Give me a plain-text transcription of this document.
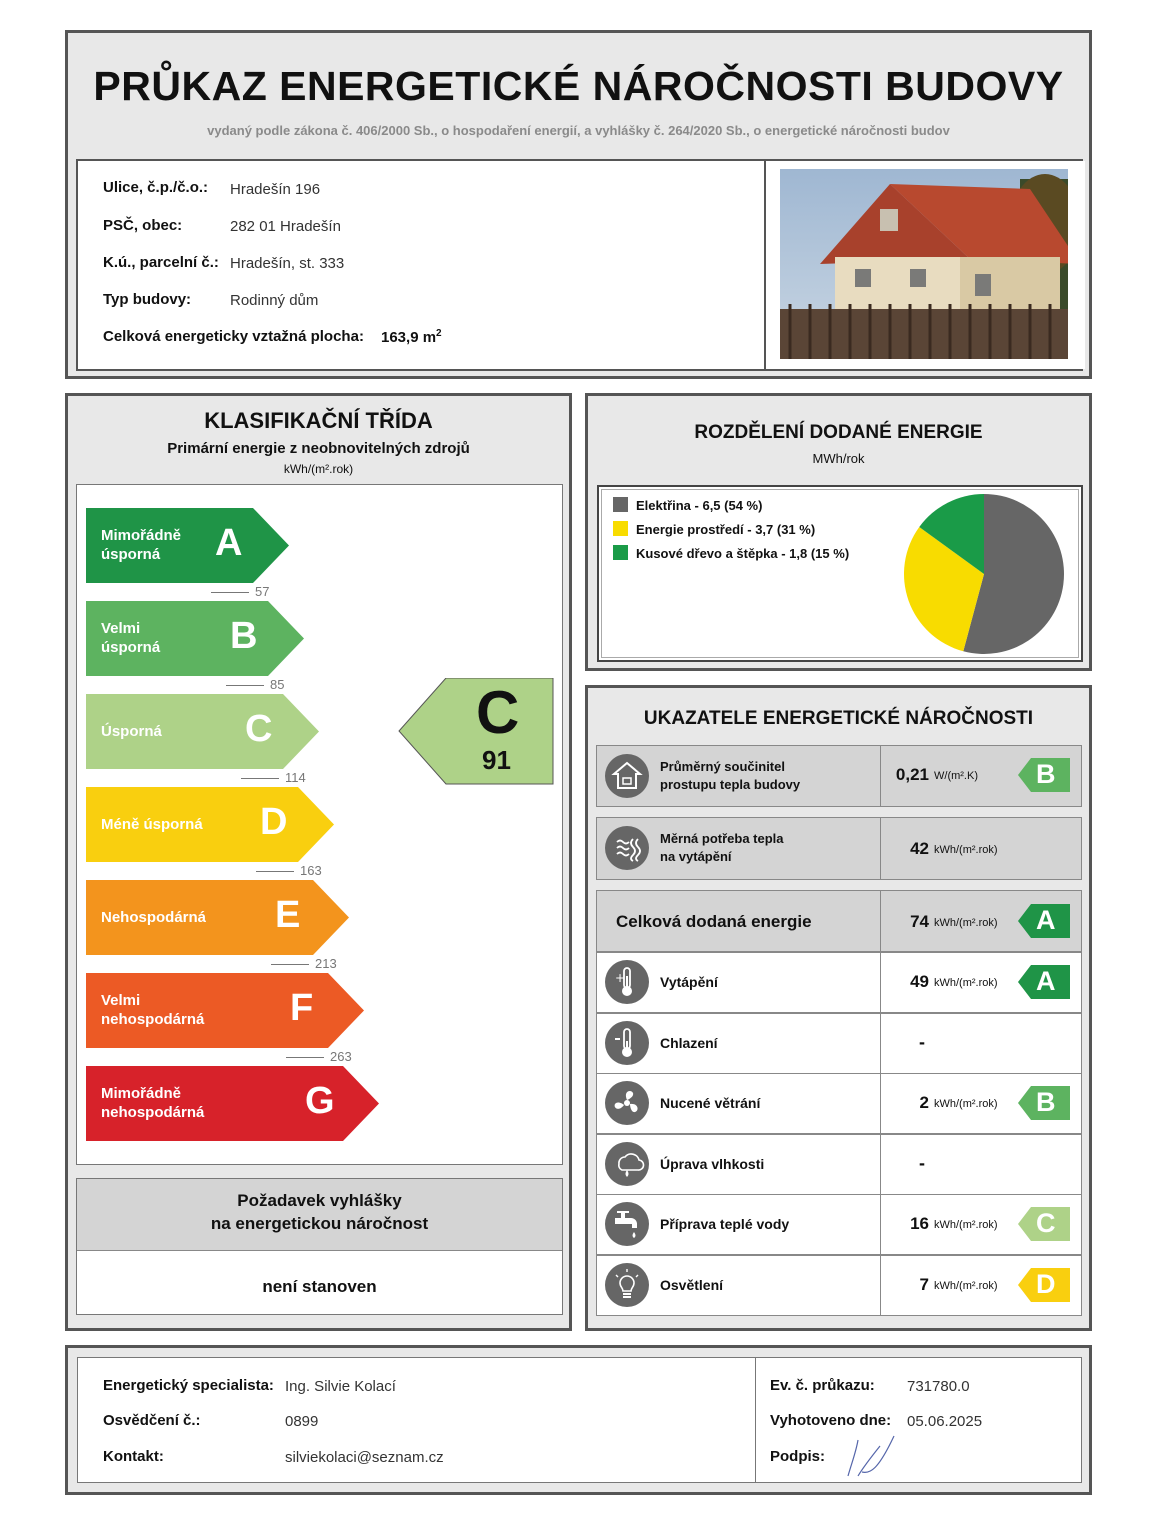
PRŮKAZ ENERGETICKÉ NÁROČNOSTI BUDOVY
vydaný podle zákona č. 406/2000 Sb., o hospodaření energií, a vyhlášky č. 264/2020 Sb., o energetické náročnosti budov
Ulice, č.p./č.o.: Hradešín 196
PSČ, obec:	282 01 Hradešín
K.ú., parcelní č.: Hradešín, st. 333
Typ budovy:	Rodinný dům
Celková energeticky vztažná plocha: 163,9 $m^2$
KLASIFIKAČNÍ TŘÍDA
Primární energie z neobnovitelných zdrojů
kWh/(m².rok)
Požadavek vyhlášky
na energetickou náročnost
není stanoven
Mimořádně
úsporná	A
57
Velmi
úsporná B
85
Úsporná C
114
Méně úsporná D
163
Nehospodárná E
213
Velmi
nehospodárná F
263
Mimořádně
nehospodárná	G
C
91
ROZDĚLENÍ DODANÉ ENERGIE
MWh/rok
Elektřina - 6,5 (54 %)
Energie prostředí - 3,7 (31 %)
Kusové dřevo a štěpka - 1,8 (15 %)
UKAZATELE ENERGETICKÉ NÁROČNOSTI
Průměrný součinitel
prostupu tepla budovy
0,21 W/(m².K) B
Měrná potřeba tepla
na vytápění	42 kWh/(m².rok)
Celková dodaná energie	74 kWh/(m².rok) A
+ Vytápění	49 kWh/(m².rok) A
Chlazení	-
Nucené větrání	2 kWh/(m².rok) B
Úprava vlhkosti	-
Příprava teplé vody	16 kWh/(m².rok) C
Osvětlení	7 kWh/(m².rok) D
Energetický specialista: Ing. Silvie Kolací
Osvědčení č.:	0899
Kontakt:	silviekolaci@seznam.cz
Ev. č. průkazu: 731780.0
Vyhotoveno dne: 05.06.2025
Podpis:
